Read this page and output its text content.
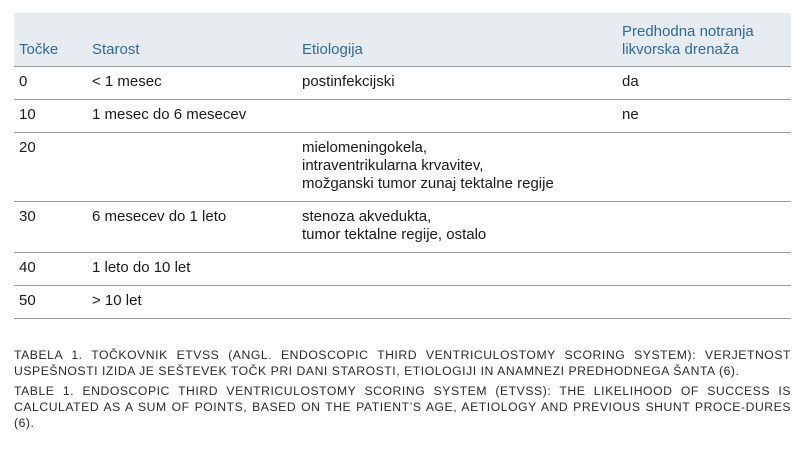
Točke	Starost	Etiologija	Predhodna notranja
likvorska drenaža

0	< 1 mesec	postinfekcijski	da
10	1 mesec do 6 mesecev		ne
20		mielomeningokela,
intraventrikularna krvavitev,
možganski tumor zunaj tektalne regije	

30	6 mesecev do 1 leto	stenoza akvedukta,
tumor tektalne regije, ostalo	

40	1 leto do 10 let		
50	> 10 let		

TABELA 1. TOČKOVNIK ETVSS (ANGL. ENDOSCOPIC THIRD VENTRICULOSTOMY SCORING SYSTEM): VERJETNOST USPEŠNOSTI IZIDA JE SEŠTEVEK TOČK PRI DANI STAROSTI, ETIOLOGIJI IN ANAMNEZI PREDHODNEGA ŠANTA (6).

TABLE 1. ENDOSCOPIC THIRD VENTRICULOSTOMY SCORING SYSTEM (ETVSS): THE LIKELIHOOD OF SUCCESS IS CALCULATED AS A SUM OF POINTS, BASED ON THE PATIENT’S AGE, AETIOLOGY AND PREVIOUS SHUNT PROCE-DURES (6).
